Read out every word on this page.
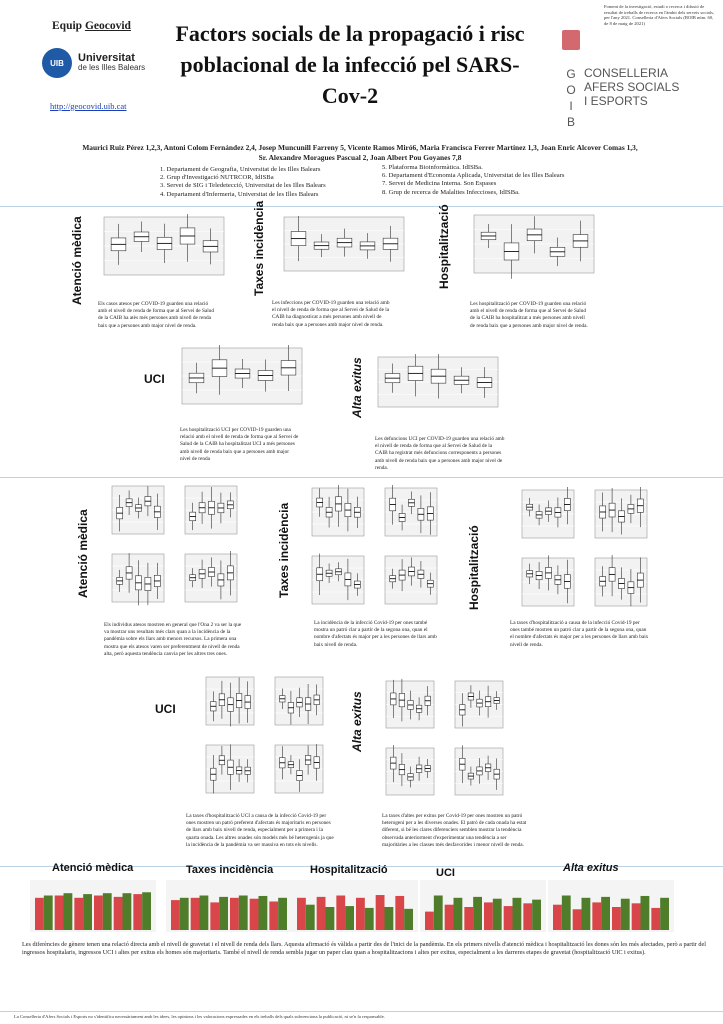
Equip Geocovid
UIB Universitat
de les Illes Balears
http://geocovid.uib.cat
Factors socials de la propagació i risc poblacional de la infecció pel SARS-Cov-2
Foment de la investigació, estudi o recerca i difusió de resultat de treballs de recerca en l'àmbit dels serveis socials, per l'any 2021. Conselleria d'Afers Socials (BOIB núm. 60, de 8 de maig de 2021)
G
O
I
B
CONSELLERIA
AFERS SOCIALS
I ESPORTS
Maurici Ruiz Pérez 1,2,3, Antoni Colom Fernández 2,4, Josep Muncunill Farreny 5, Vicente Ramos Miró6, Maria Francisca Ferrer Martínez 1,3, Joan Enric Alcover Comas 1,3,
Sr. Alexandre Moragues Pascual 2, Joan Albert Pou Goyanes 7,8
1. Departament de Geografia, Universitat de les Illes Balears
2. Grup d'Investigació NUTRCOR, IdISBa
3. Servei de SIG i Teledetecció, Universitat de les Illes Balears
4. Departament d'Infermeria, Universitat de les Illes Balears
5. Plataforma Bioinformàtica. IdISBa.
6. Departament d'Economia Aplicada, Universitat de les Illes Balears
7. Servei de Medicina Interna. Son Espases
8. Grup de recerca de Malalties Infeccioses, IdISBa.
Atenció mèdica	Taxes incidència	Hospitalització
UCI	Alta exitus
Els casos atesos per COVID-19 guarden una relació amb el nivell de renda de forma que al Servei de Salud de la CAIB ha atès més persones amb nivell de renda baix que a persones amb major nivel de renda.
Les infeccions per COVID-19 guarden una relació amb el nivell de renda de forma que al Servei de Salud de la CAIB ha diagnosticat a més persones amb nivell de renda baix que a persones amb major nivel de renda.
Les hospitalització per COVID-19 guarden una relació amb el nivell de renda de forma que al Servei de Salud de la CAIB ha hospitalitzat a més persones amb nivell de renda baix que a persones amb major nivel de renda.
Les hospitalització UCI per COVID-19 guarden una relació amb el nivell de renda de forma que al Servei de Salud de la CAIB ha hospitalitzat UCI a més persones amb nivell de renda baix que a persones amb major nivel de renda
Les defuncions UCI per COVID-19 guarden una relació amb el nivell de renda de forma que al Servei de Salud de la CAIB ha registrat més defuncions corresponents a persones amb nivell de renda baix que a persones amb major nivel de renda.
Atenció mèdica	Taxes incidència	Hospitalització
UCI	Alta exitus
Els individus atesos mostren en general que l'Ona 2 va ser la que va mostrar uns resultats més clars quan a la incidència de la pandèmia sobre els llars amb menors recursos. La primera ona mostra que els atesos varen ser preferentment de nivell de renda alta, però aquesta tendència canvia per les altres tres ones.
La incidència de la infecció Covid-19 per ones també mostra un patró clar a partir de la segona ona, quan el nombre d'afectats és major per a les persones de llars amb baix nivell de renda.
La taxes d'hospitalització a causa de la infecció Covid-19 per ones també mostren un patró clar a partir de la segona ona, quan el nombre d'afectats és major per a les persones de llars amb baix nivell de renda.
La taxes d'hospitalització UCI a causa de la infecció Covid-19 per ones mostren un patró preferent d'afectats és majoritaris en persones de llars amb baix nivell de renda, especialment per a primera i la quarta onada. Les altres onades són models més bé heterogenis ja que la incidència de la pandèmia va ser massiva en tots els nivells.
La taxes d'altes per exitus per Covid-19 per ones mostren un patró heterogeni per a les diverses onades. El patró de cada onada ha estat diferent, si bé les clares diferenciers semblen mostrar la tendència observada anteriorment d'experimentar una tendència a ser majoritàries a les classes més desfavorides i menor nivell de renda.
Atenció mèdica	Taxes incidència	Hospitalització	UCI	Alta exitus
Les diferències de gènere tenen una relació directa amb el nivell de gravetat i el nivell de renda dels llars. Aquesta afirmació és vàlida a partir des de l'inici de la pandèmia. En els primers nivells d'atenció mèdica i hospitalització les dones són les més afectades, però a partir del ingressos hospitalaris, ingressos UCI i altes per exitus els homes són majoritaris. També el nivell de renda sembla jugar un paper clau quan a hospitalitzacions i altes per exitus, especialment a les darreres etapes de gravetat (hospitalització UIC i exitus).
La Conselleria d'Afers Socials i Esports no s'identifica necessàriament amb les idees, les opinions i les valoracions expressades en els treballs dels quals subvenciona la publicació, ni se'n fa responsable.
